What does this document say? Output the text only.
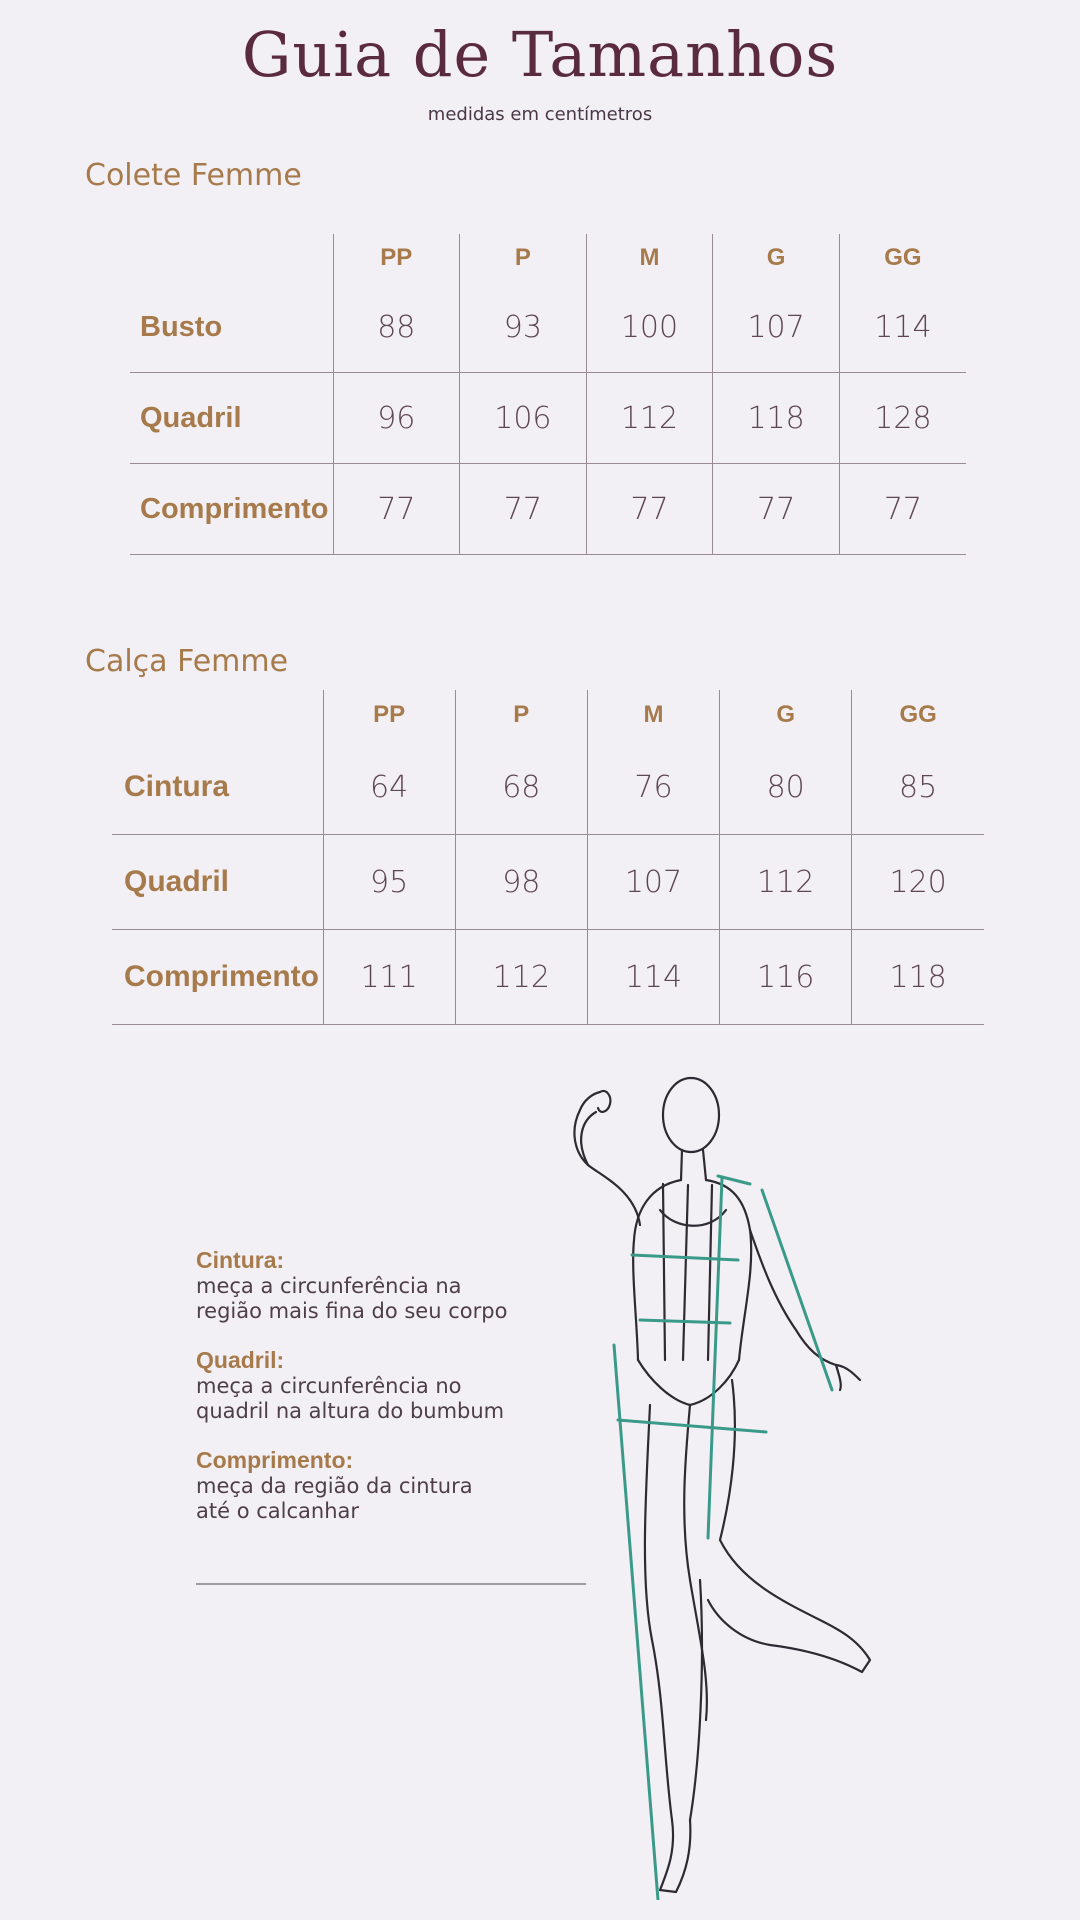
Guia de Tamanhos
medidas em centímetros
Colete Femme
	PP	P	M	G	GG
Busto	88	93	100	107	114
Quadril	96	106	112	118	128
Comprimento	77	77	77	77	77
Calça Femme
	PP	P	M	G	GG
Cintura	64	68	76	80	85
Quadril	95	98	107	112	120
Comprimento	111	112	114	116	118
Cintura:
meça a circunferência na
região mais fina do seu corpo
Quadril:
meça a circunferência no
quadril na altura do bumbum
Comprimento:
meça da região da cintura
até o calcanhar
